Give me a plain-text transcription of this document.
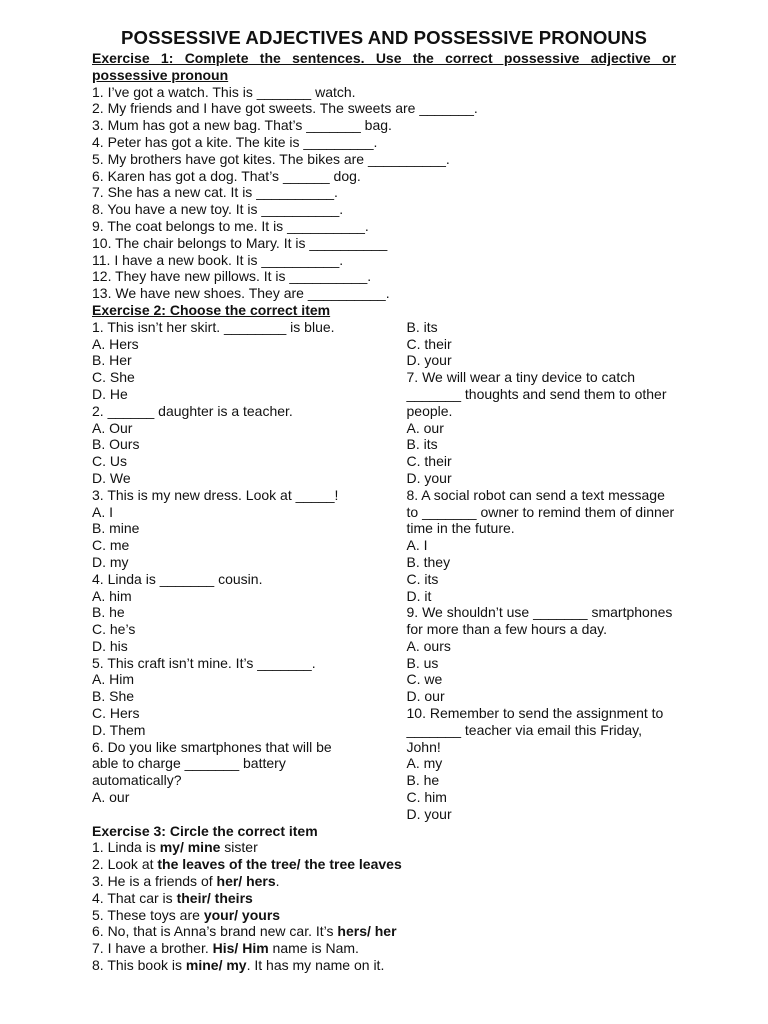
POSSESSIVE ADJECTIVES AND POSSESSIVE PRONOUNS
Exercise 1: Complete the sentences. Use the correct possessive adjective or possessive pronoun
1. I’ve got a watch. This is _______ watch.
2. My friends and I have got sweets. The sweets are _______.
3. Mum has got a new bag. That’s _______ bag.
4. Peter has got a kite. The kite is _________.
5. My brothers have got kites. The bikes are __________.
6. Karen has got a dog. That’s ______ dog.
7. She has a new cat. It is __________.
8. You have a new toy. It is __________.
9. The coat belongs to me. It is __________.
10. The chair belongs to Mary. It is __________
11. I have a new book. It is __________.
12. They have new pillows. It is __________.
13. We have new shoes. They are __________.
Exercise 2: Choose the correct item
1. This isn’t her skirt. ________ is blue.
A. Hers
B. Her
C. She
D. He
2. ______ daughter is a teacher.
A. Our
B. Ours
C. Us
D. We
3. This is my new dress. Look at _____!
A. I
B. mine
C. me
D. my
4. Linda is _______ cousin.
A. him
B. he
C. he’s
D. his
5. This craft isn’t mine. It’s _______.
A. Him
B. She
C. Hers
D. Them
6. Do you like smartphones that will be able to charge _______ battery automatically?
A. our
B. its
C. their
D. your
7. We will wear a tiny device to catch _______ thoughts and send them to other people.
A. our
B. its
C. their
D. your
8. A social robot can send a text message to _______ owner to remind them of dinner time in the future.
A. I
B. they
C. its
D. it
9. We shouldn’t use _______ smartphones for more than a few hours a day.
A. ours
B. us
C. we
D. our
10. Remember to send the assignment to _______ teacher via email this Friday, John!
A. my
B. he
C. him
D. your
Exercise 3: Circle the correct item
1. Linda is my/ mine sister
2. Look at the leaves of the tree/ the tree leaves
3. He is a friends of her/ hers.
4. That car is their/ theirs
5. These toys are your/ yours
6. No, that is Anna’s brand new car. It’s hers/ her
7. I have a brother. His/ Him name is Nam.
8. This book is mine/ my. It has my name on it.
